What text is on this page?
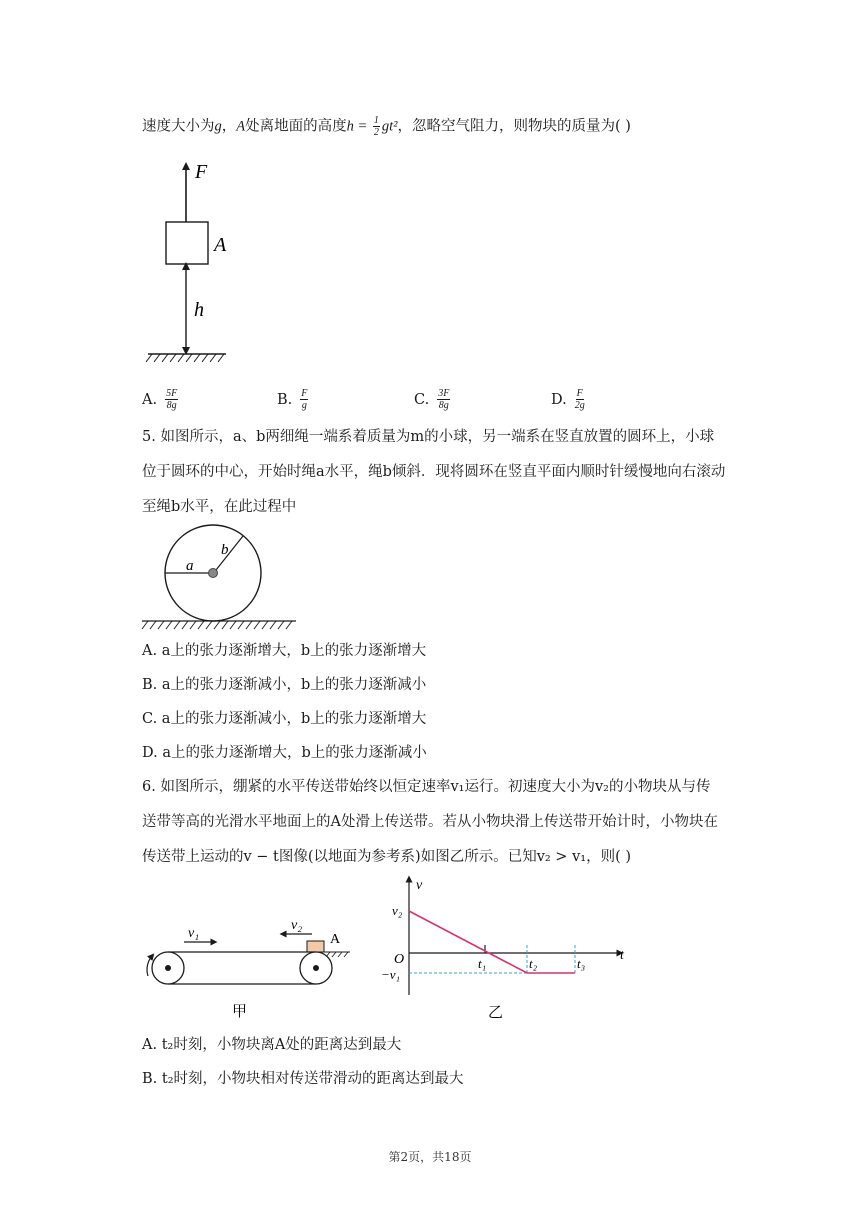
速度大小为g，A处离地面的高度$h = \frac{1}{2} gt^2$，忽略空气阻力，则物块的质量为( )
F
A
h
A. $\frac{5F}{8g}$	B. $\frac{F}{g}$	C. $\frac{3F}{8g}$	D. $\frac{F}{2g}$
5. 如图所示，a、b两细绳一端系着质量为m的小球，另一端系在竖直放置的圆环上，小球
位于圆环的中心，开始时绳a水平，绳b倾斜．现将圆环在竖直平面内顺时针缓慢地向右滚动
至绳b水平，在此过程中
a
b
A. a上的张力逐渐增大，b上的张力逐渐增大
B. a上的张力逐渐减小，b上的张力逐渐减小
C. a上的张力逐渐减小，b上的张力逐渐增大
D. a上的张力逐渐增大，b上的张力逐渐减小
6. 如图所示，绷紧的水平传送带始终以恒定速率v₁运行。初速度大小为v₂的小物块从与传
送带等高的光滑水平地面上的A处滑上传送带。若从小物块滑上传送带开始计时，小物块在
传送带上运动的v − t图像(以地面为参考系)如图乙所示。已知v₂ > v₁，则( )
v₁
v₂
A
甲
v
t
O
v₂
−v₁
t₁	t₂	t₃
乙
A. t₂时刻，小物块离A处的距离达到最大
B. t₂时刻，小物块相对传送带滑动的距离达到最大
第2页，共18页
